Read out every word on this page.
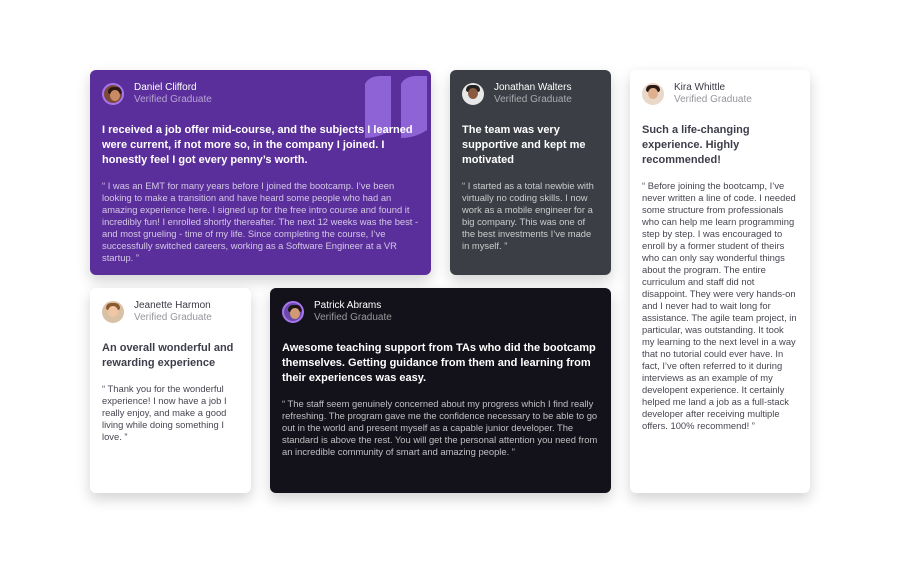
Daniel Clifford
Verified Graduate
I received a job offer mid-course, and the subjects I learned were current, if not more so, in the company I joined. I honestly feel I got every penny’s worth.
“ I was an EMT for many years before I joined the bootcamp. I’ve been looking to make a transition and have heard some people who had an amazing experience here. I signed up for the free intro course and found it incredibly fun! I enrolled shortly thereafter. The next 12 weeks was the best - and most grueling - time of my life. Since completing the course, I’ve successfully switched careers, working as a Software Engineer at a VR startup. ”
Jonathan Walters
Verified Graduate
The team was very supportive and kept me motivated
“ I started as a total newbie with virtually no coding skills. I now work as a mobile engineer for a big company. This was one of the best investments I’ve made in myself. ”
Kira Whittle
Verified Graduate
Such a life-changing experience. Highly recommended!
“ Before joining the bootcamp, I’ve never written a line of code. I needed some structure from professionals who can help me learn programming step by step. I was encouraged to enroll by a former student of theirs who can only say wonderful things about the program. The entire curriculum and staff did not disappoint. They were very hands-on and I never had to wait long for assistance. The agile team project, in particular, was outstanding. It took my learning to the next level in a way that no tutorial could ever have. In fact, I’ve often referred to it during interviews as an example of my developent experience. It certainly helped me land a job as a full-stack developer after receiving multiple offers. 100% recommend! ”
Jeanette Harmon
Verified Graduate
An overall wonderful and rewarding experience
“ Thank you for the wonderful experience! I now have a job I really enjoy, and make a good living while doing something I love. ”
Patrick Abrams
Verified Graduate
Awesome teaching support from TAs who did the bootcamp themselves. Getting guidance from them and learning from their experiences was easy.
“ The staff seem genuinely concerned about my progress which I find really refreshing. The program gave me the confidence necessary to be able to go out in the world and present myself as a capable junior developer. The standard is above the rest. You will get the personal attention you need from an incredible community of smart and amazing people. ”
